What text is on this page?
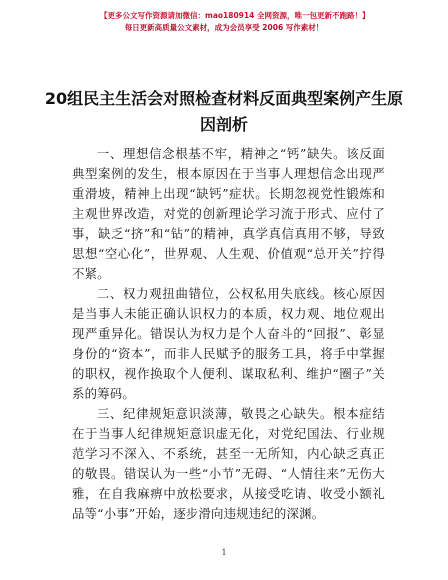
【更多公文写作资源请加微信：mao180914 全网资源，唯一包更新不跑路！】
每日更新高质量公文素材，成为会员享受 2006 写作素材！
20组民主生活会对照检查材料反面典型案例产生原因剖析

一、理想信念根基不牢，精神之“钙”缺失。该反面典型案例的发生，根本原因在于当事人理想信念出现严重滑坡，精神上出现“缺钙”症状。长期忽视党性锻炼和主观世界改造，对党的创新理论学习流于形式、应付了事，缺乏“挤”和“钻”的精神，真学真信真用不够，导致思想“空心化”，世界观、人生观、价值观“总开关”拧得不紧。

二、权力观扭曲错位，公权私用失底线。核心原因是当事人未能正确认识权力的本质，权力观、地位观出现严重异化。错误认为权力是个人奋斗的“回报”、彰显身份的“资本”，而非人民赋予的服务工具，将手中掌握的职权，视作换取个人便利、谋取私利、维护“圈子”关系的筹码。

三、纪律规矩意识淡薄，敬畏之心缺失。根本症结在于当事人纪律规矩意识虚无化，对党纪国法、行业规范学习不深入、不系统，甚至一无所知，内心缺乏真正的敬畏。错误认为一些“小节”无碍、“人情往来”无伤大雅，在自我麻痹中放松要求，从接受吃请、收受小额礼品等“小事”开始，逐步滑向违规违纪的深渊。

1
